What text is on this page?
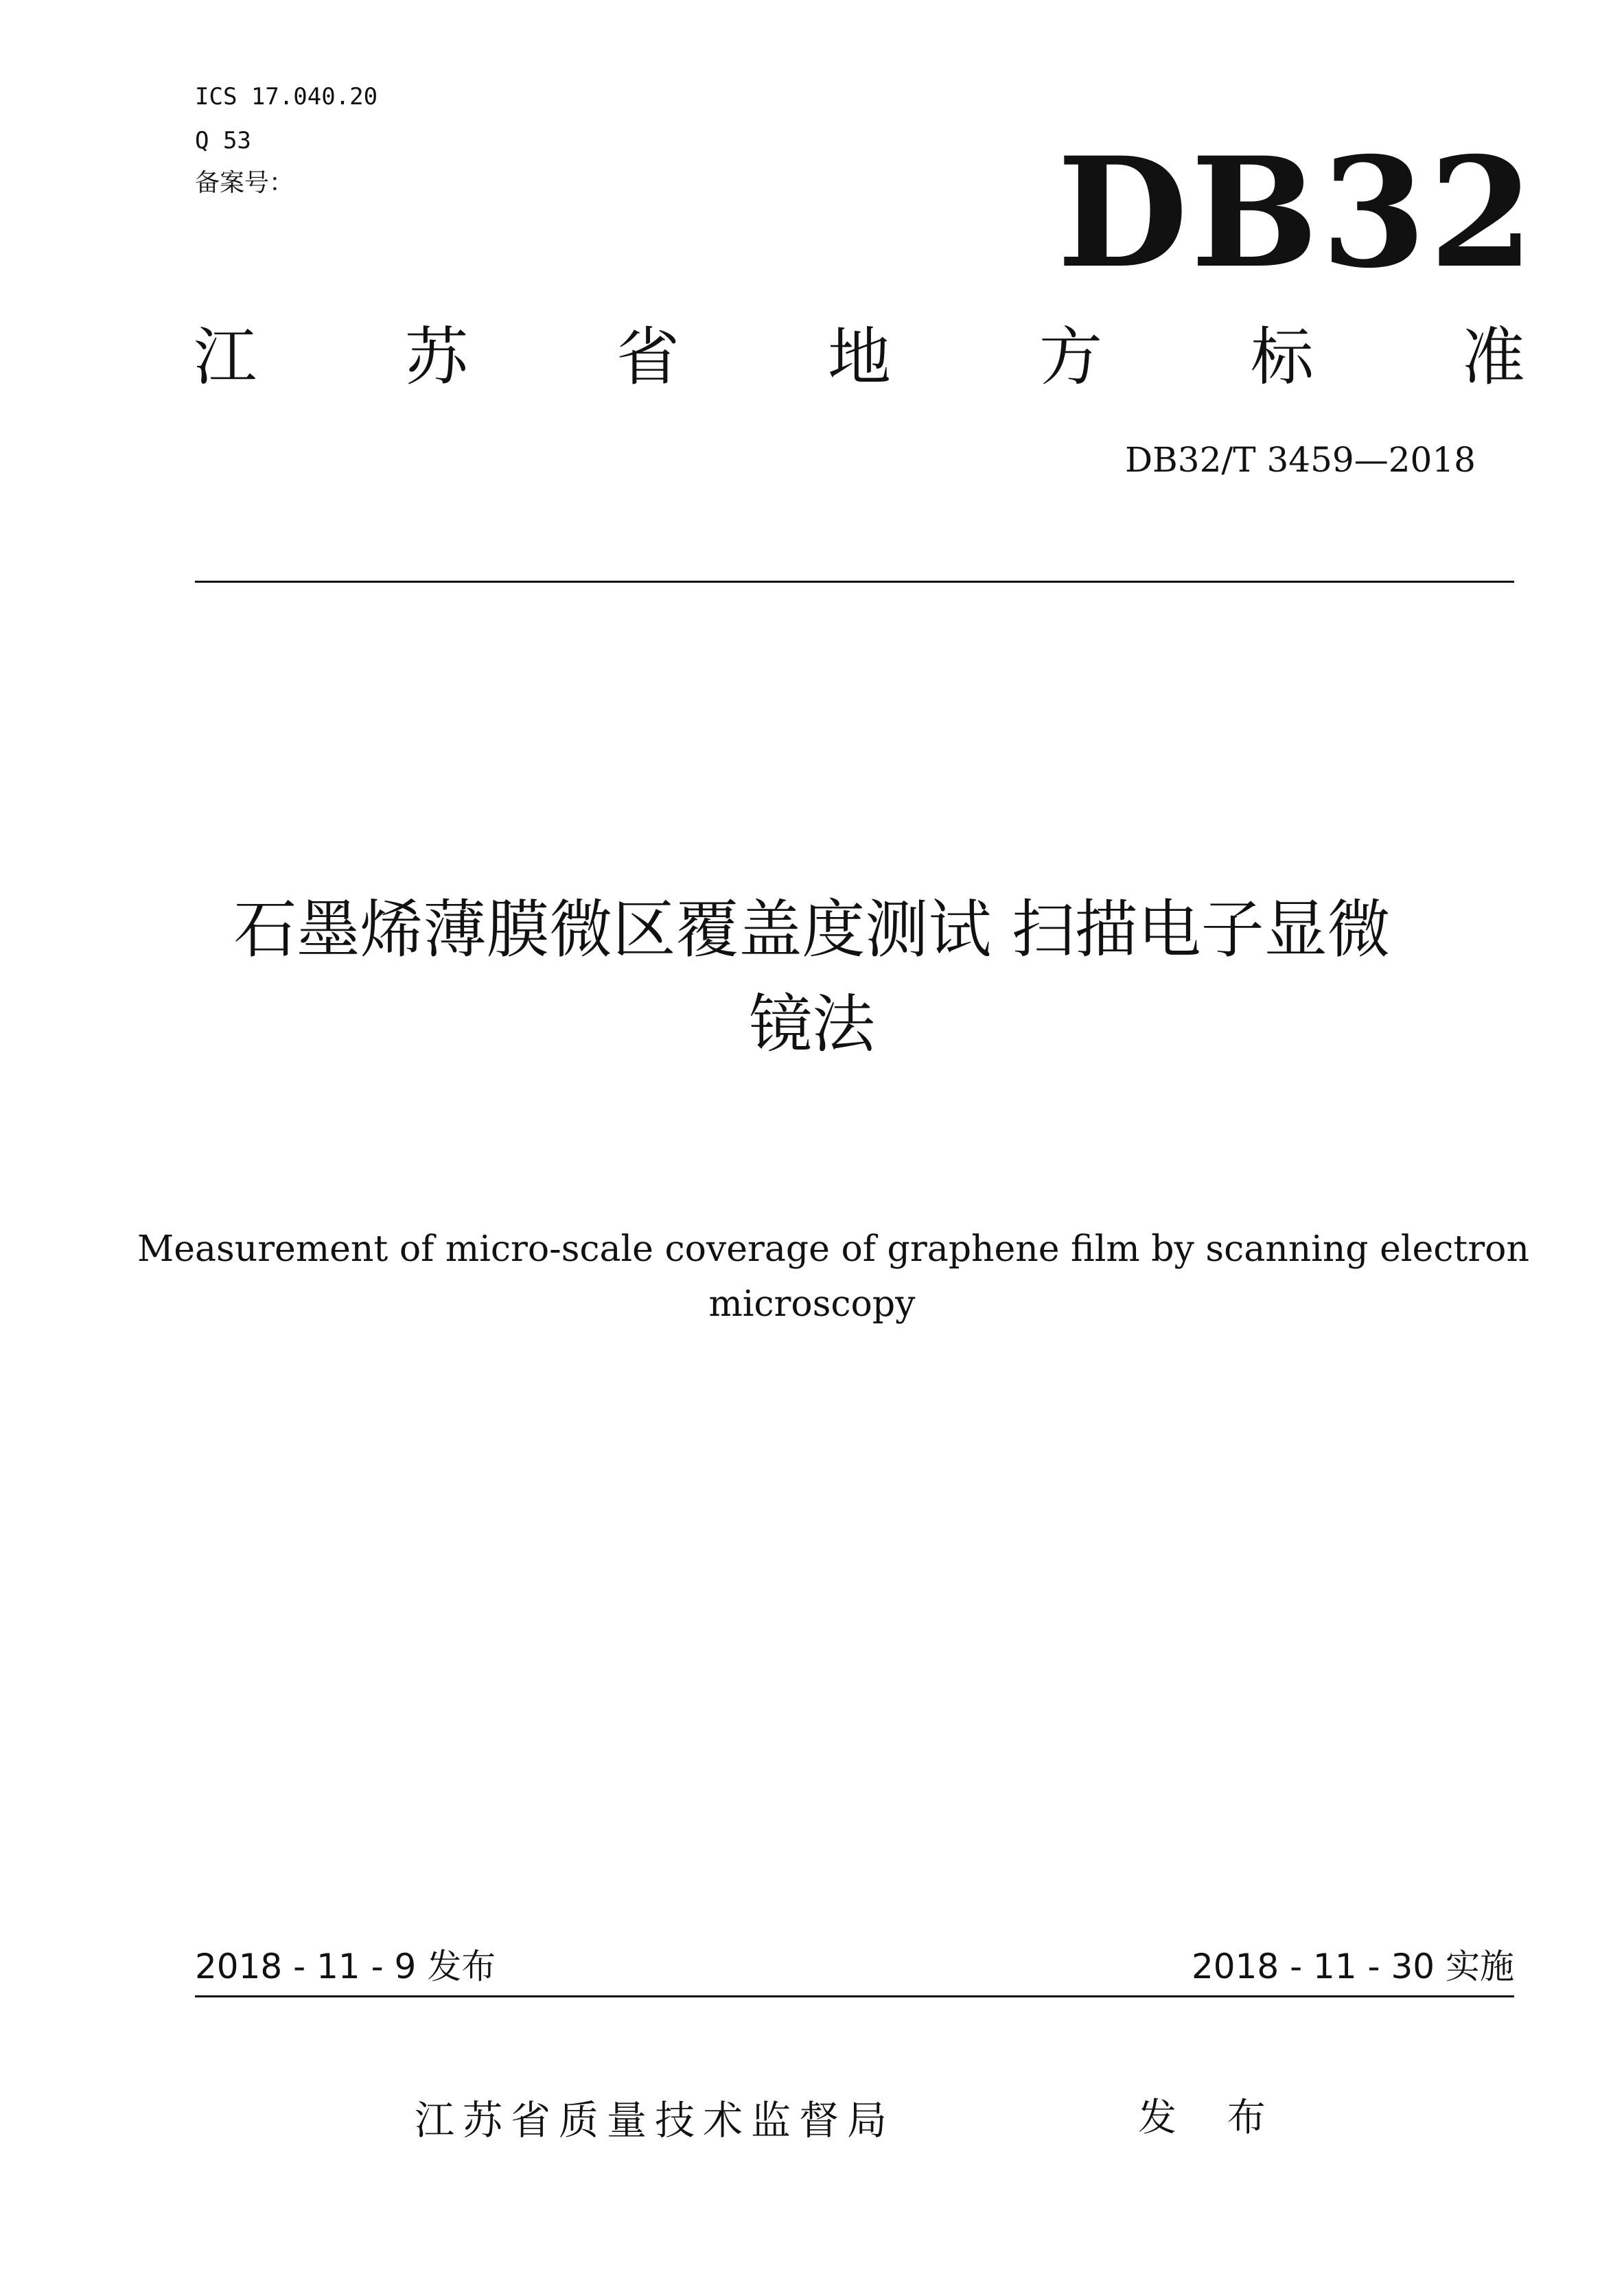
ICS 17.040.20
Q 53
备案号：	DB32
江 苏 省 地 方 标 准
DB32/T 3459—2018
石墨烯薄膜微区覆盖度测试 扫描电子显微
镜法
Measurement of micro-scale coverage of graphene film by scanning electron
microscopy
2018 - 11 - 9 发布	2018 - 11 - 30 实施
江苏省质量技术监督局	发 布
